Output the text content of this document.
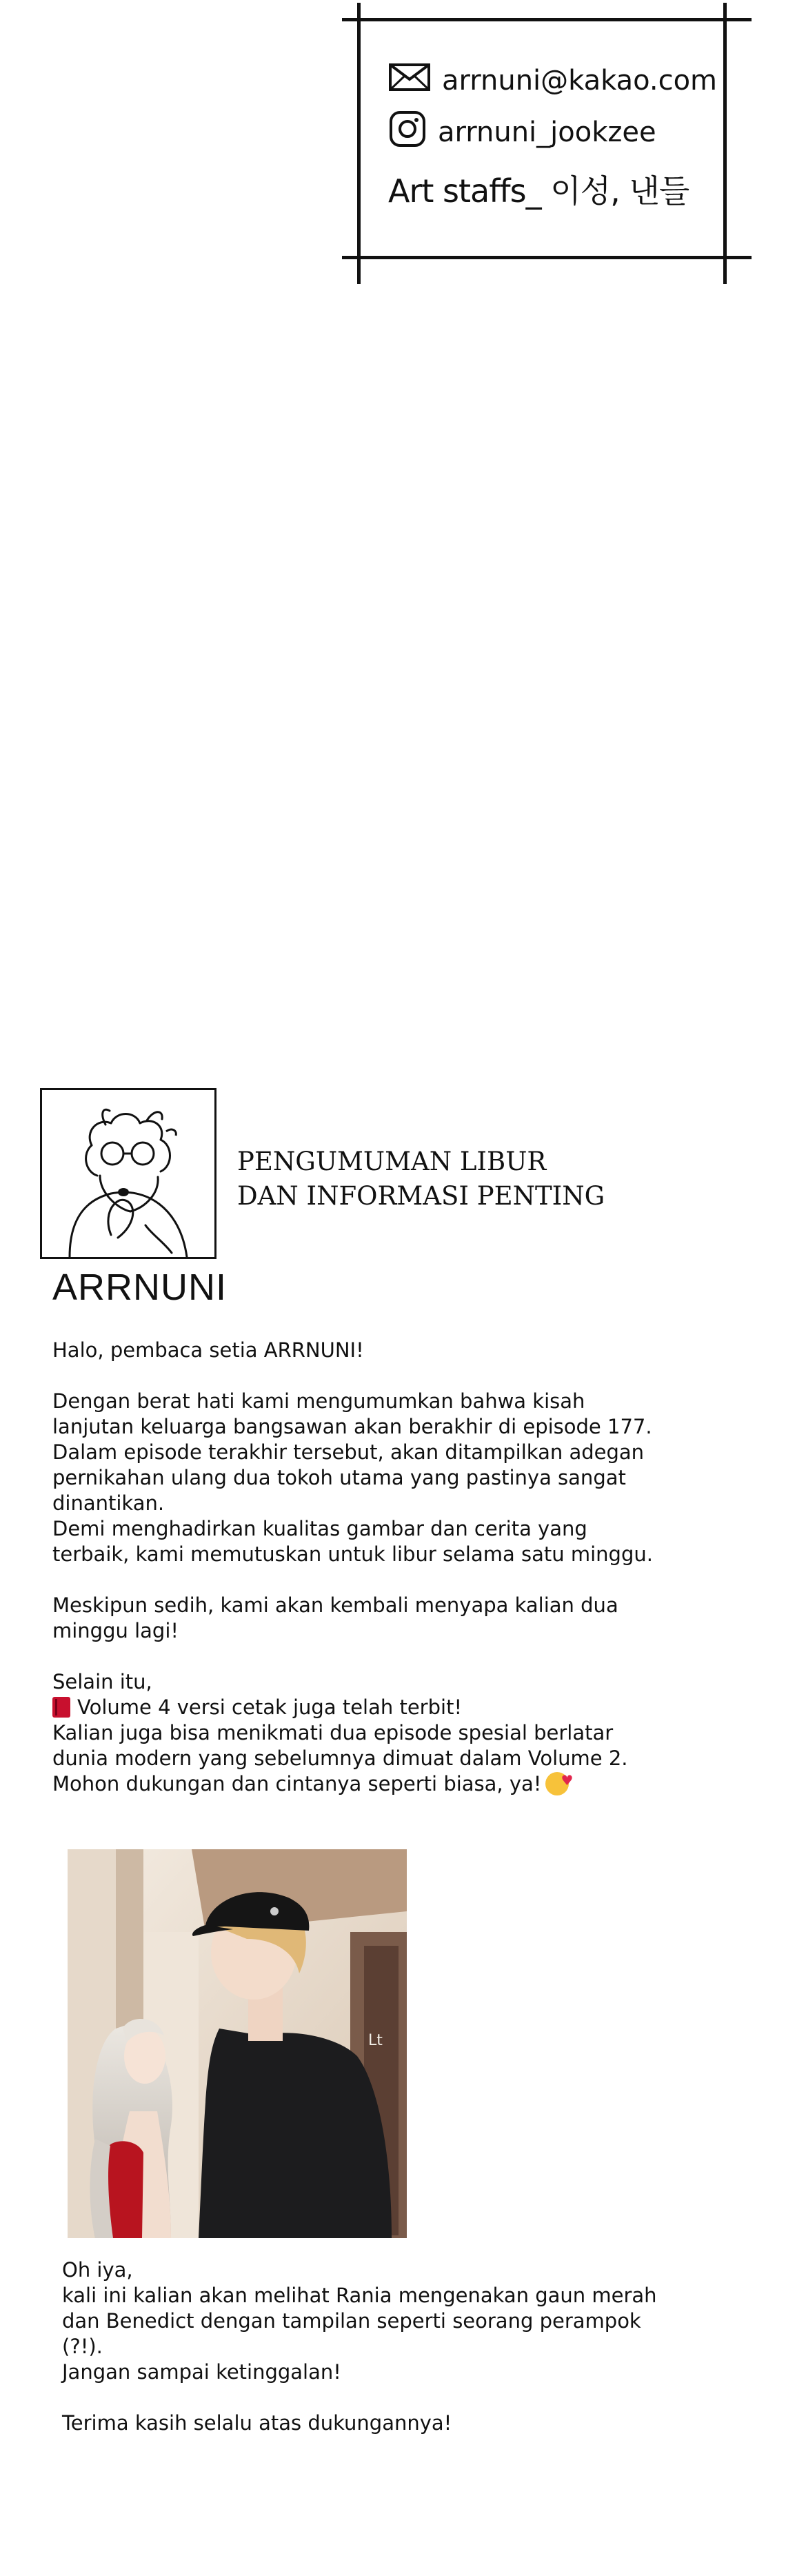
arrnuni@kakao.com
arrnuni_jookzee
Art staffs_ 이성, 낸들
PENGUMUMAN LIBUR
DAN INFORMASI PENTING
ARRNUNI

Halo, pembaca setia ARRNUNI!

Dengan berat hati kami mengumumkan bahwa kisah

lanjutan keluarga bangsawan akan berakhir di episode 177.

Dalam episode terakhir tersebut, akan ditampilkan adegan

pernikahan ulang dua tokoh utama yang pastinya sangat

dinantikan.

Demi menghadirkan kualitas gambar dan cerita yang

terbaik, kami memutuskan untuk libur selama satu minggu.

Meskipun sedih, kami akan kembali menyapa kalian dua

minggu lagi!

Selain itu,

Volume 4 versi cetak juga telah terbit!

Kalian juga bisa menikmati dua episode spesial berlatar

dunia modern yang sebelumnya dimuat dalam Volume 2.

Mohon dukungan dan cintanya seperti biasa, ya!♥

Lt

Oh iya,

kali ini kalian akan melihat Rania mengenakan gaun merah

dan Benedict dengan tampilan seperti seorang perampok

(?!).

Jangan sampai ketinggalan!

Terima kasih selalu atas dukungannya!
